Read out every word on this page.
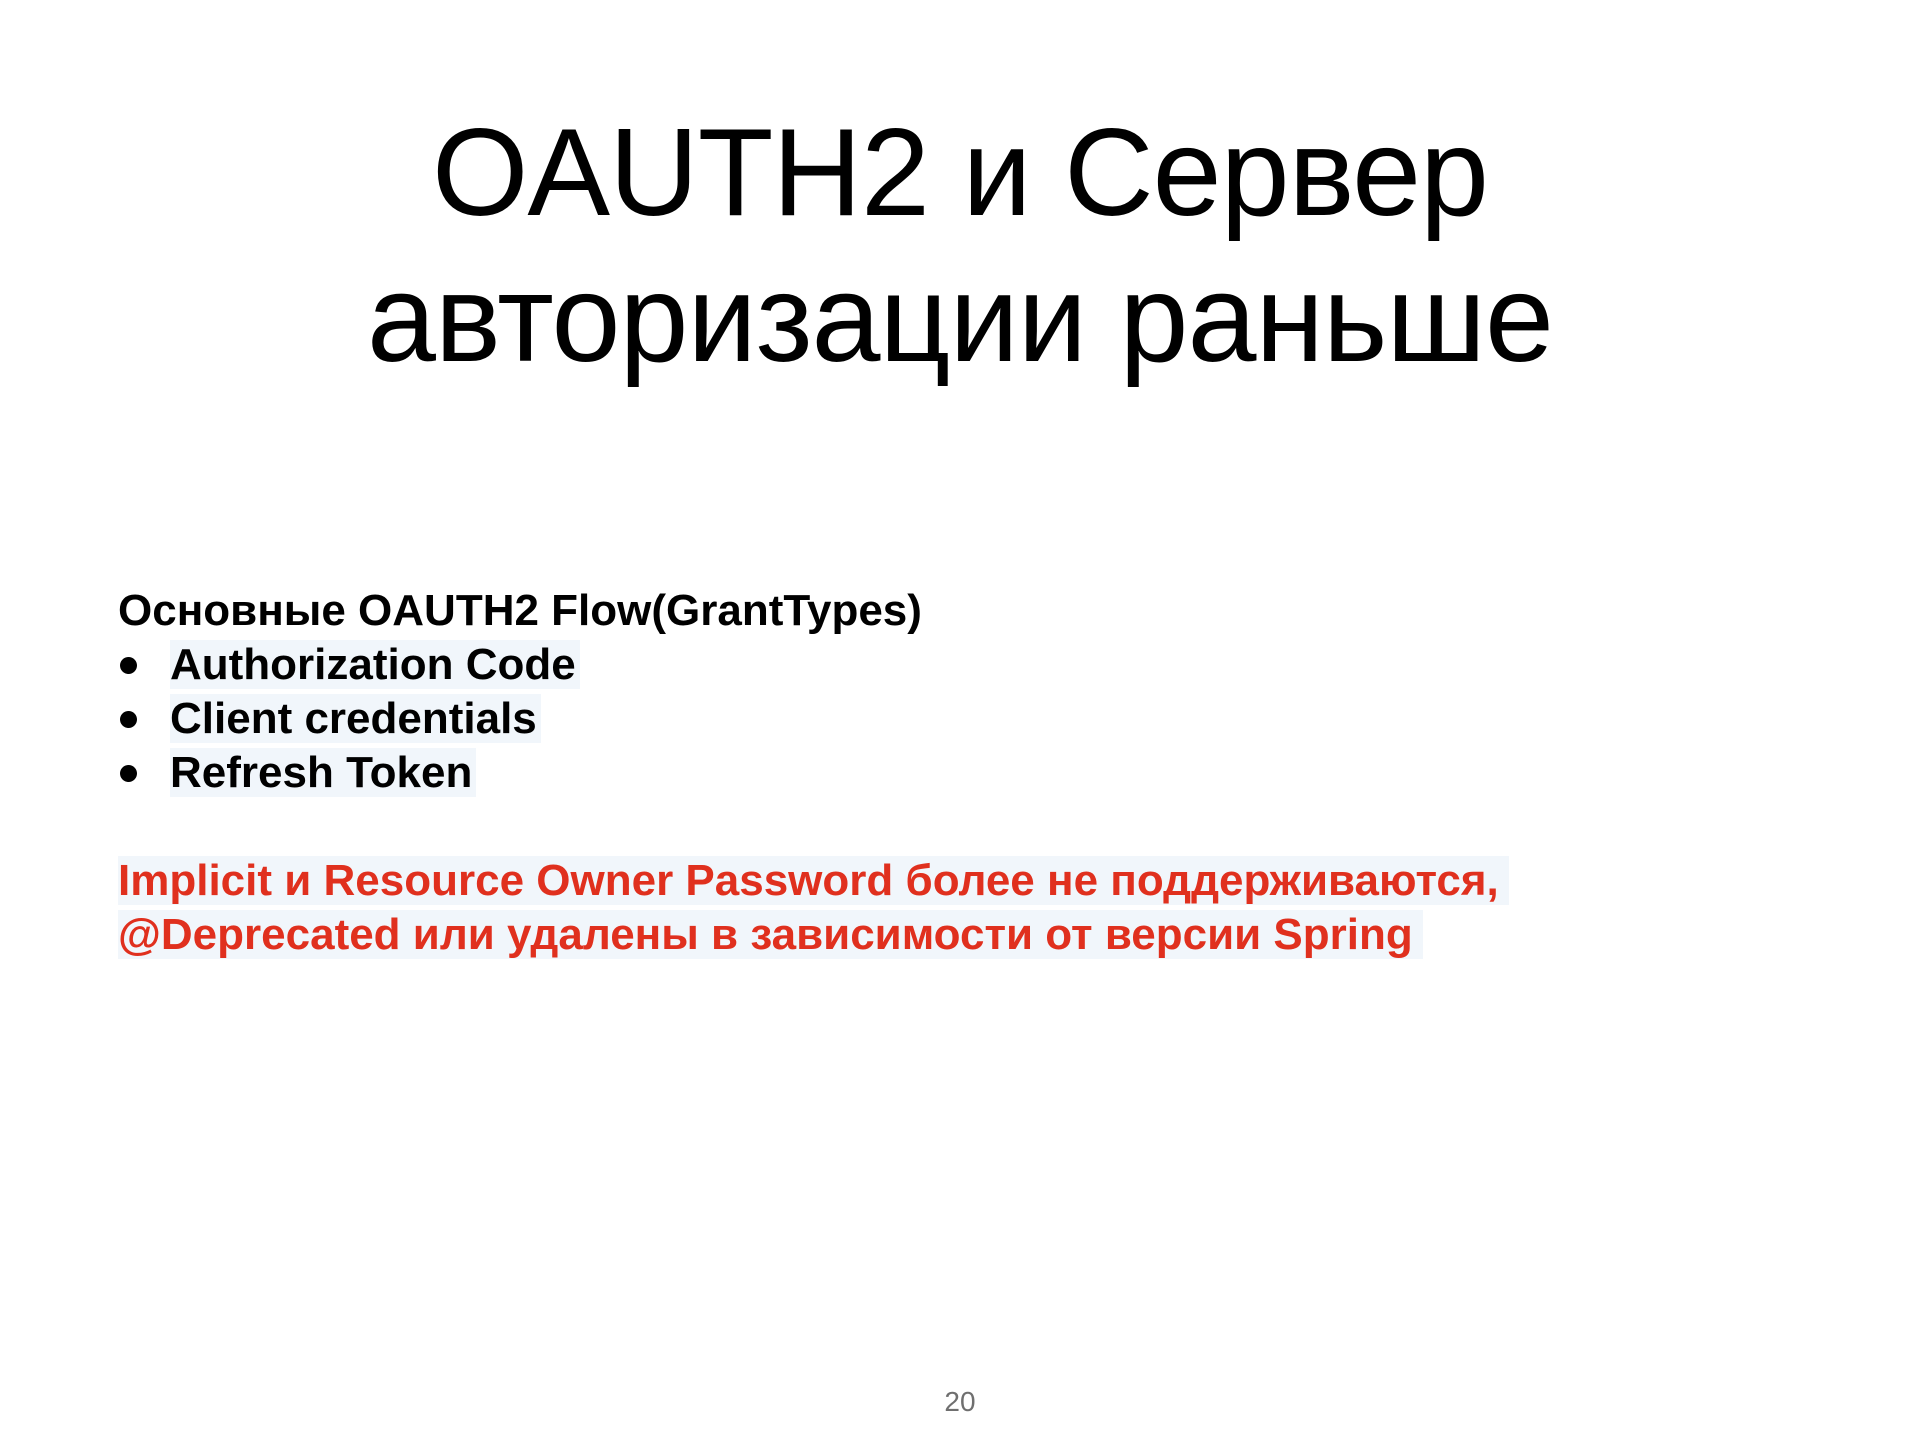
OAUTH2 и Сервер авторизации раньше

Основные OAUTH2 Flow(GrantTypes)

Authorization Code
Client credentials
Refresh Token
Implicit и Resource Owner Password более не поддерживаются,
@Deprecated или удалены в зависимости от версии Spring
20
